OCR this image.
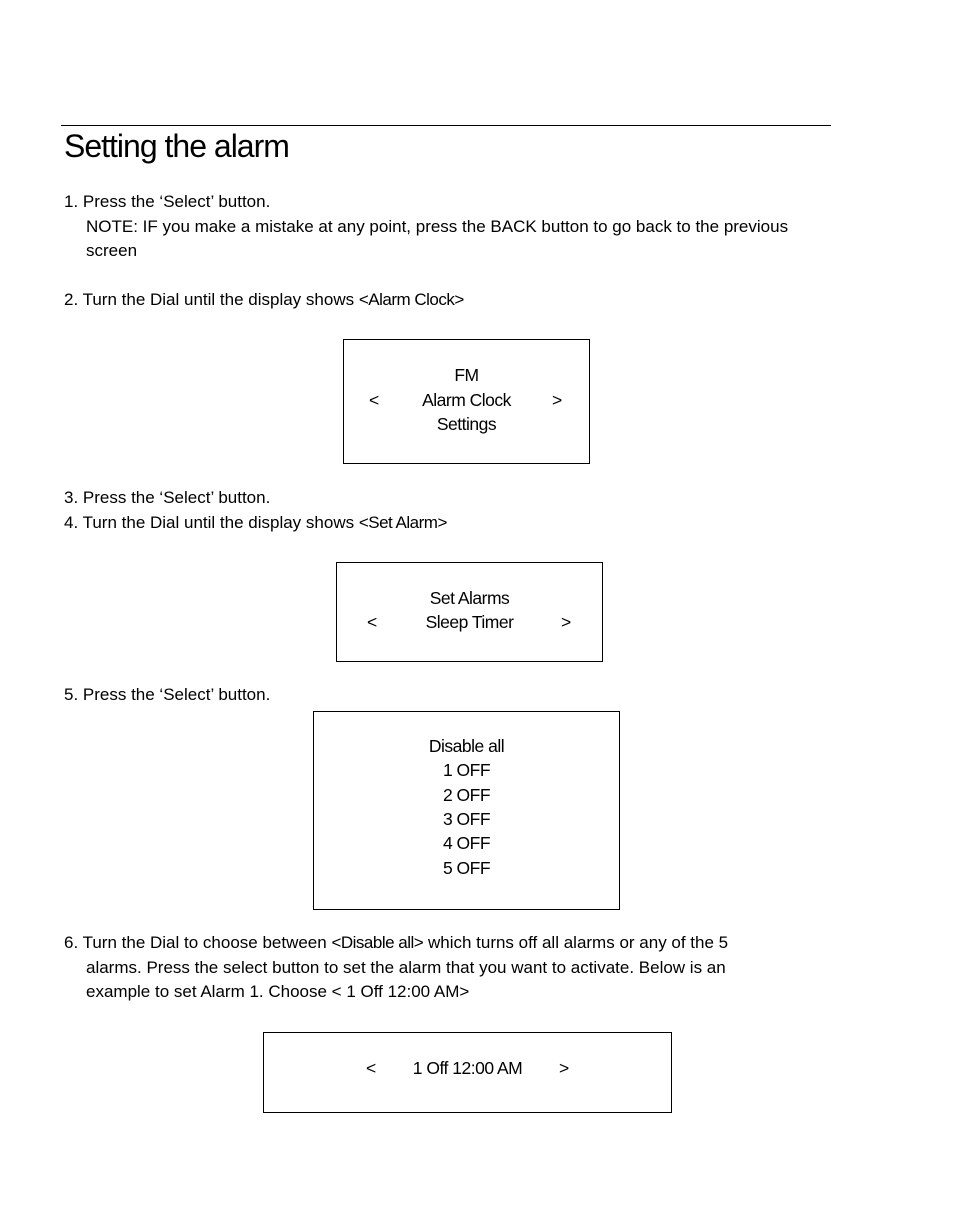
Setting the alarm
1. Press the ‘Select’ button.
NOTE: IF you make a mistake at any point, press the BACK button to go back to the previous
screen
2. Turn the Dial until the display shows <Alarm Clock>
FM
Alarm Clock
Settings
<	>
3. Press the ‘Select’ button.
4. Turn the Dial until the display shows <Set Alarm>
Set Alarms
Sleep Timer
<	>
5. Press the ‘Select’ button.
Disable all
1 OFF
2 OFF
3 OFF
4 OFF
5 OFF
6. Turn the Dial to choose between <Disable all> which turns off all alarms or any of the 5
alarms. Press the select button to set the alarm that you want to activate. Below is an
example to set Alarm 1. Choose < 1 Off 12:00 AM>
1 Off 12:00 AM
<	>
